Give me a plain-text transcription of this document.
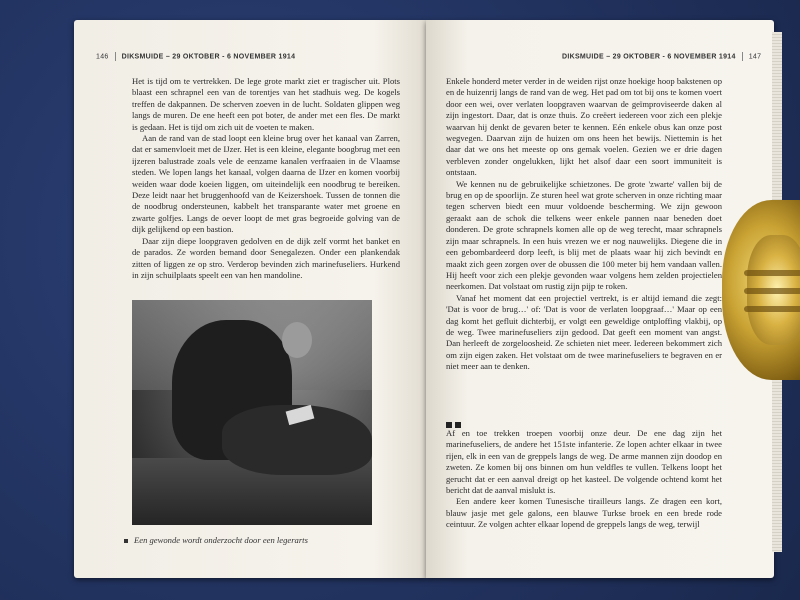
146 DIKSMUIDE – 29 OKTOBER - 6 NOVEMBER 1914

Het is tijd om te vertrekken. De lege grote markt ziet er tragischer uit. Plots blaast een schrapnel een van de torentjes van het stadhuis weg. De kogels treffen de dakpannen. De scherven zoeven in de lucht. Soldaten glippen weg langs de muren. De ene heeft een pot boter, de ander met een fles. De markt is gedaan. Het is tijd om zich uit de voeten te maken.

Aan de rand van de stad loopt een kleine brug over het kanaal van Zarren, dat er samenvloeit met de IJzer. Het is een kleine, elegante boogbrug met een ijzeren balustrade zoals vele de eenzame kanalen verfraaien in de Vlaamse steden. We lopen langs het kanaal, volgen daarna de IJzer en komen voorbij weiden waar dode koeien liggen, om uiteindelijk een noodbrug te bereiken. Deze leidt naar het bruggenhoofd van de Keizershoek. Tussen de tonnen die de noodbrug ondersteunen, kabbelt het transparante water met groene en zwarte golfjes. Langs de oever loopt de met gras begroeide golving van de dijk gelijkend op een bastion.

Daar zijn diepe loopgraven gedolven en de dijk zelf vormt het banket en de parados. Ze worden bemand door Senegalezen. Onder een plankendak zitten of liggen ze op stro. Verderop bevinden zich marinefuseliers. Hurkend in zijn schuilplaats speelt een van hen mandoline.

Een gewonde wordt onderzocht door een legerarts
DIKSMUIDE – 29 OKTOBER - 6 NOVEMBER 1914 147

Enkele honderd meter verder in de weiden rijst onze hoekige hoop bakstenen op en de huizenrij langs de rand van de weg. Het pad om tot bij ons te komen voert door een wei, over verlaten loopgraven waarvan de geïmproviseerde daken al zijn ingestort. Daar, dat is onze thuis. Zo creëert iedereen voor zich een plekje waarvan hij denkt de gevaren beter te kennen. Eén enkele obus kan onze post wegvegen. Daarvan zijn de huizen om ons heen het bewijs. Niettemin is het daar dat we ons het meeste op ons gemak voelen. Gezien we er drie dagen verbleven zonder ongelukken, lijkt het alsof daar een soort immuniteit is ontstaan.

We kennen nu de gebruikelijke schietzones. De grote 'zwarte' vallen bij de brug en op de spoorlijn. Ze sturen heel wat grote scherven in onze richting maar tegen scherven biedt een muur voldoende bescherming. We zijn gewoon geraakt aan de schok die telkens weer enkele pannen naar beneden doet donderen. De grote schrapnels komen alle op de weg terecht, maar schrapnels zijn maar schrapnels. In een huis vrezen we er nog nauwelijks. Diegene die in een gebombardeerd dorp leeft, is blij met de plaats waar hij zich bevindt en maakt zich geen zorgen over de obussen die 100 meter bij hem vandaan vallen. Hij heeft voor zich een plekje gevonden waar volgens hem zelden projectielen neerkomen. Dat volstaat om rustig zijn pijp te roken.

Vanaf het moment dat een projectiel vertrekt, is er altijd iemand die zegt: 'Dat is voor de brug…' of: 'Dat is voor de verlaten loopgraaf…' Maar op een dag komt het gefluit dichterbij, er volgt een geweldige ontploffing vlakbij, op de weg. Twee marinefuseliers zijn gedood. Dat geeft een moment van angst. Dan herleeft de zorgeloosheid. Ze schieten niet meer. Iedereen bekommert zich om zijn eigen zaken. Het volstaat om de twee marinefuseliers te begraven en er niet meer aan te denken.

Af en toe trekken troepen voorbij onze deur. De ene dag zijn het marinefuseliers, de andere het 151ste infanterie. Ze lopen achter elkaar in twee rijen, elk in een van de greppels langs de weg. De arme mannen zijn doodop en zweten. Ze komen bij ons binnen om hun veldfles te vullen. Telkens loopt het gerucht dat er een aanval dreigt op het kasteel. De volgende ochtend komt het bericht dat de aanval mislukt is.

Een andere keer komen Tunesische tirailleurs langs. Ze dragen een kort, blauw jasje met gele galons, een blauwe Turkse broek en een brede rode ceintuur. Ze volgen achter elkaar lopend de greppels langs de weg, terwijl
